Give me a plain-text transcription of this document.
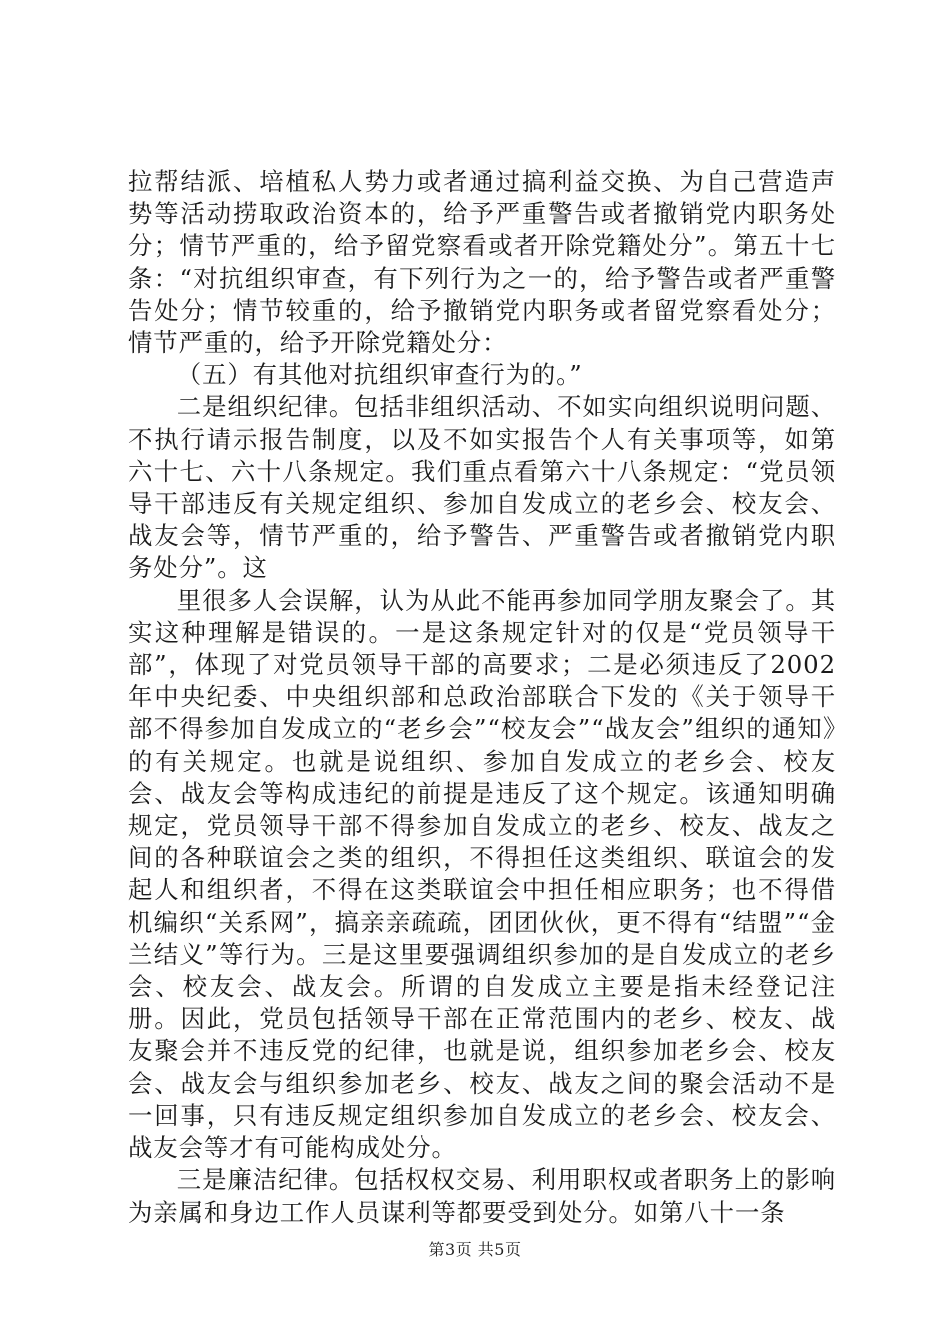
拉帮结派、培植私人势力或者通过搞利益交换、为自己营造声势等活动捞取政治资本的，给予严重警告或者撤销党内职务处分；情节严重的，给予留党察看或者开除党籍处分”。第五十七条：“对抗组织审查，有下列行为之一的，给予警告或者严重警告处分；情节较重的，给予撤销党内职务或者留党察看处分；情节严重的，给予开除党籍处分：

（五）有其他对抗组织审查行为的。”

二是组织纪律。包括非组织活动、不如实向组织说明问题、不执行请示报告制度，以及不如实报告个人有关事项等，如第六十七、六十八条规定。我们重点看第六十八条规定：“党员领导干部违反有关规定组织、参加自发成立的老乡会、校友会、战友会等，情节严重的，给予警告、严重警告或者撤销党内职务处分”。这

里很多人会误解，认为从此不能再参加同学朋友聚会了。其实这种理解是错误的。一是这条规定针对的仅是“党员领导干部”，体现了对党员领导干部的高要求；二是必须违反了2002年中央纪委、中央组织部和总政治部联合下发的《关于领导干部不得参加自发成立的“老乡会”“校友会”“战友会”组织的通知》的有关规定。也就是说组织、参加自发成立的老乡会、校友会、战友会等构成违纪的前提是违反了这个规定。该通知明确规定，党员领导干部不得参加自发成立的老乡、校友、战友之间的各种联谊会之类的组织，不得担任这类组织、联谊会的发起人和组织者，不得在这类联谊会中担任相应职务；也不得借机编织“关系网”，搞亲亲疏疏，团团伙伙，更不得有“结盟”“金兰结义”等行为。三是这里要强调组织参加的是自发成立的老乡会、校友会、战友会。所谓的自发成立主要是指未经登记注册。因此，党员包括领导干部在正常范围内的老乡、校友、战友聚会并不违反党的纪律，也就是说，组织参加老乡会、校友会、战友会与组织参加老乡、校友、战友之间的聚会活动不是一回事，只有违反规定组织参加自发成立的老乡会、校友会、战友会等才有可能构成处分。

三是廉洁纪律。包括权权交易、利用职权或者职务上的影响为亲属和身边工作人员谋利等都要受到处分。如第八十一条

第3页 共5页
